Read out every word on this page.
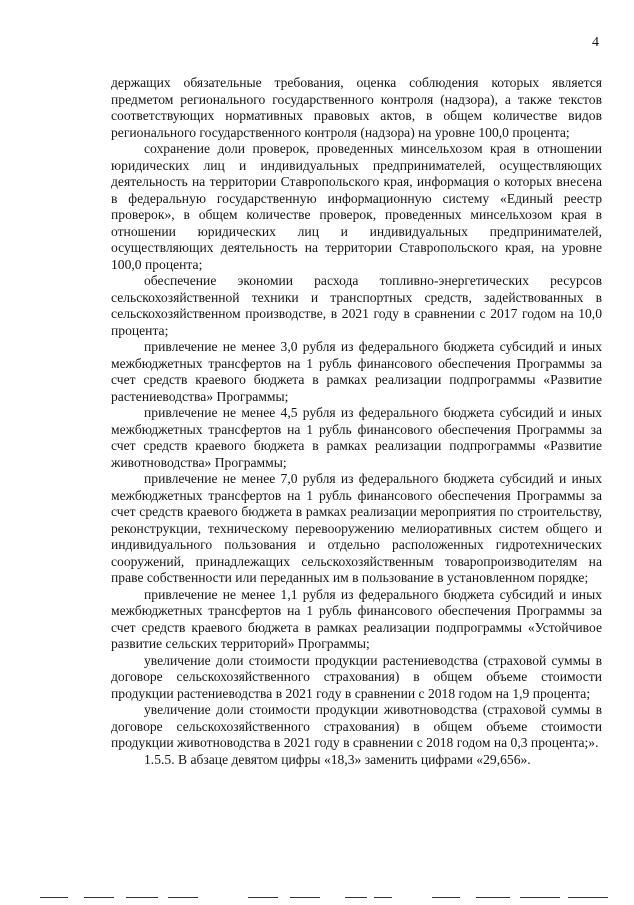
4

держащих обязательные требования, оценка соблюдения которых является предметом регионального государственного контроля (надзора), а также текстов соответствующих нормативных правовых актов, в общем количестве видов регионального государственного контроля (надзора) на уровне 100,0 процента;

сохранение доли проверок, проведенных минсельхозом края в отношении юридических лиц и индивидуальных предпринимателей, осуществляющих деятельность на территории Ставропольского края, информация о которых внесена в федеральную государственную информационную систему «Единый реестр проверок», в общем количестве проверок, проведенных минсельхозом края в отношении юридических лиц и индивидуальных предпринимателей, осуществляющих деятельность на территории Ставропольского края, на уровне 100,0 процента;

обеспечение экономии расхода топливно-энергетических ресурсов сельскохозяйственной техники и транспортных средств, задействованных в сельскохозяйственном производстве, в 2021 году в сравнении с 2017 годом на 10,0 процента;

привлечение не менее 3,0 рубля из федерального бюджета субсидий и иных межбюджетных трансфертов на 1 рубль финансового обеспечения Программы за счет средств краевого бюджета в рамках реализации подпрограммы «Развитие растениеводства» Программы;

привлечение не менее 4,5 рубля из федерального бюджета субсидий и иных межбюджетных трансфертов на 1 рубль финансового обеспечения Программы за счет средств краевого бюджета в рамках реализации подпрограммы «Развитие животноводства» Программы;

привлечение не менее 7,0 рубля из федерального бюджета субсидий и иных межбюджетных трансфертов на 1 рубль финансового обеспечения Программы за счет средств краевого бюджета в рамках реализации мероприятия по строительству, реконструкции, техническому перевооружению мелиоративных систем общего и индивидуального пользования и отдельно расположенных гидротехнических сооружений, принадлежащих сельскохозяйственным товаропроизводителям на праве собственности или переданных им в пользование в установленном порядке;

привлечение не менее 1,1 рубля из федерального бюджета субсидий и иных межбюджетных трансфертов на 1 рубль финансового обеспечения Программы за счет средств краевого бюджета в рамках реализации подпрограммы «Устойчивое развитие сельских территорий» Программы;

увеличение доли стоимости продукции растениеводства (страховой суммы в договоре сельскохозяйственного страхования) в общем объеме стоимости продукции растениеводства в 2021 году в сравнении с 2018 годом на 1,9 процента;

увеличение доли стоимости продукции животноводства (страховой суммы в договоре сельскохозяйственного страхования) в общем объеме стоимости продукции животноводства в 2021 году в сравнении с 2018 годом на 0,3 процента;».

1.5.5. В абзаце девятом цифры «18,3» заменить цифрами «29,656».
